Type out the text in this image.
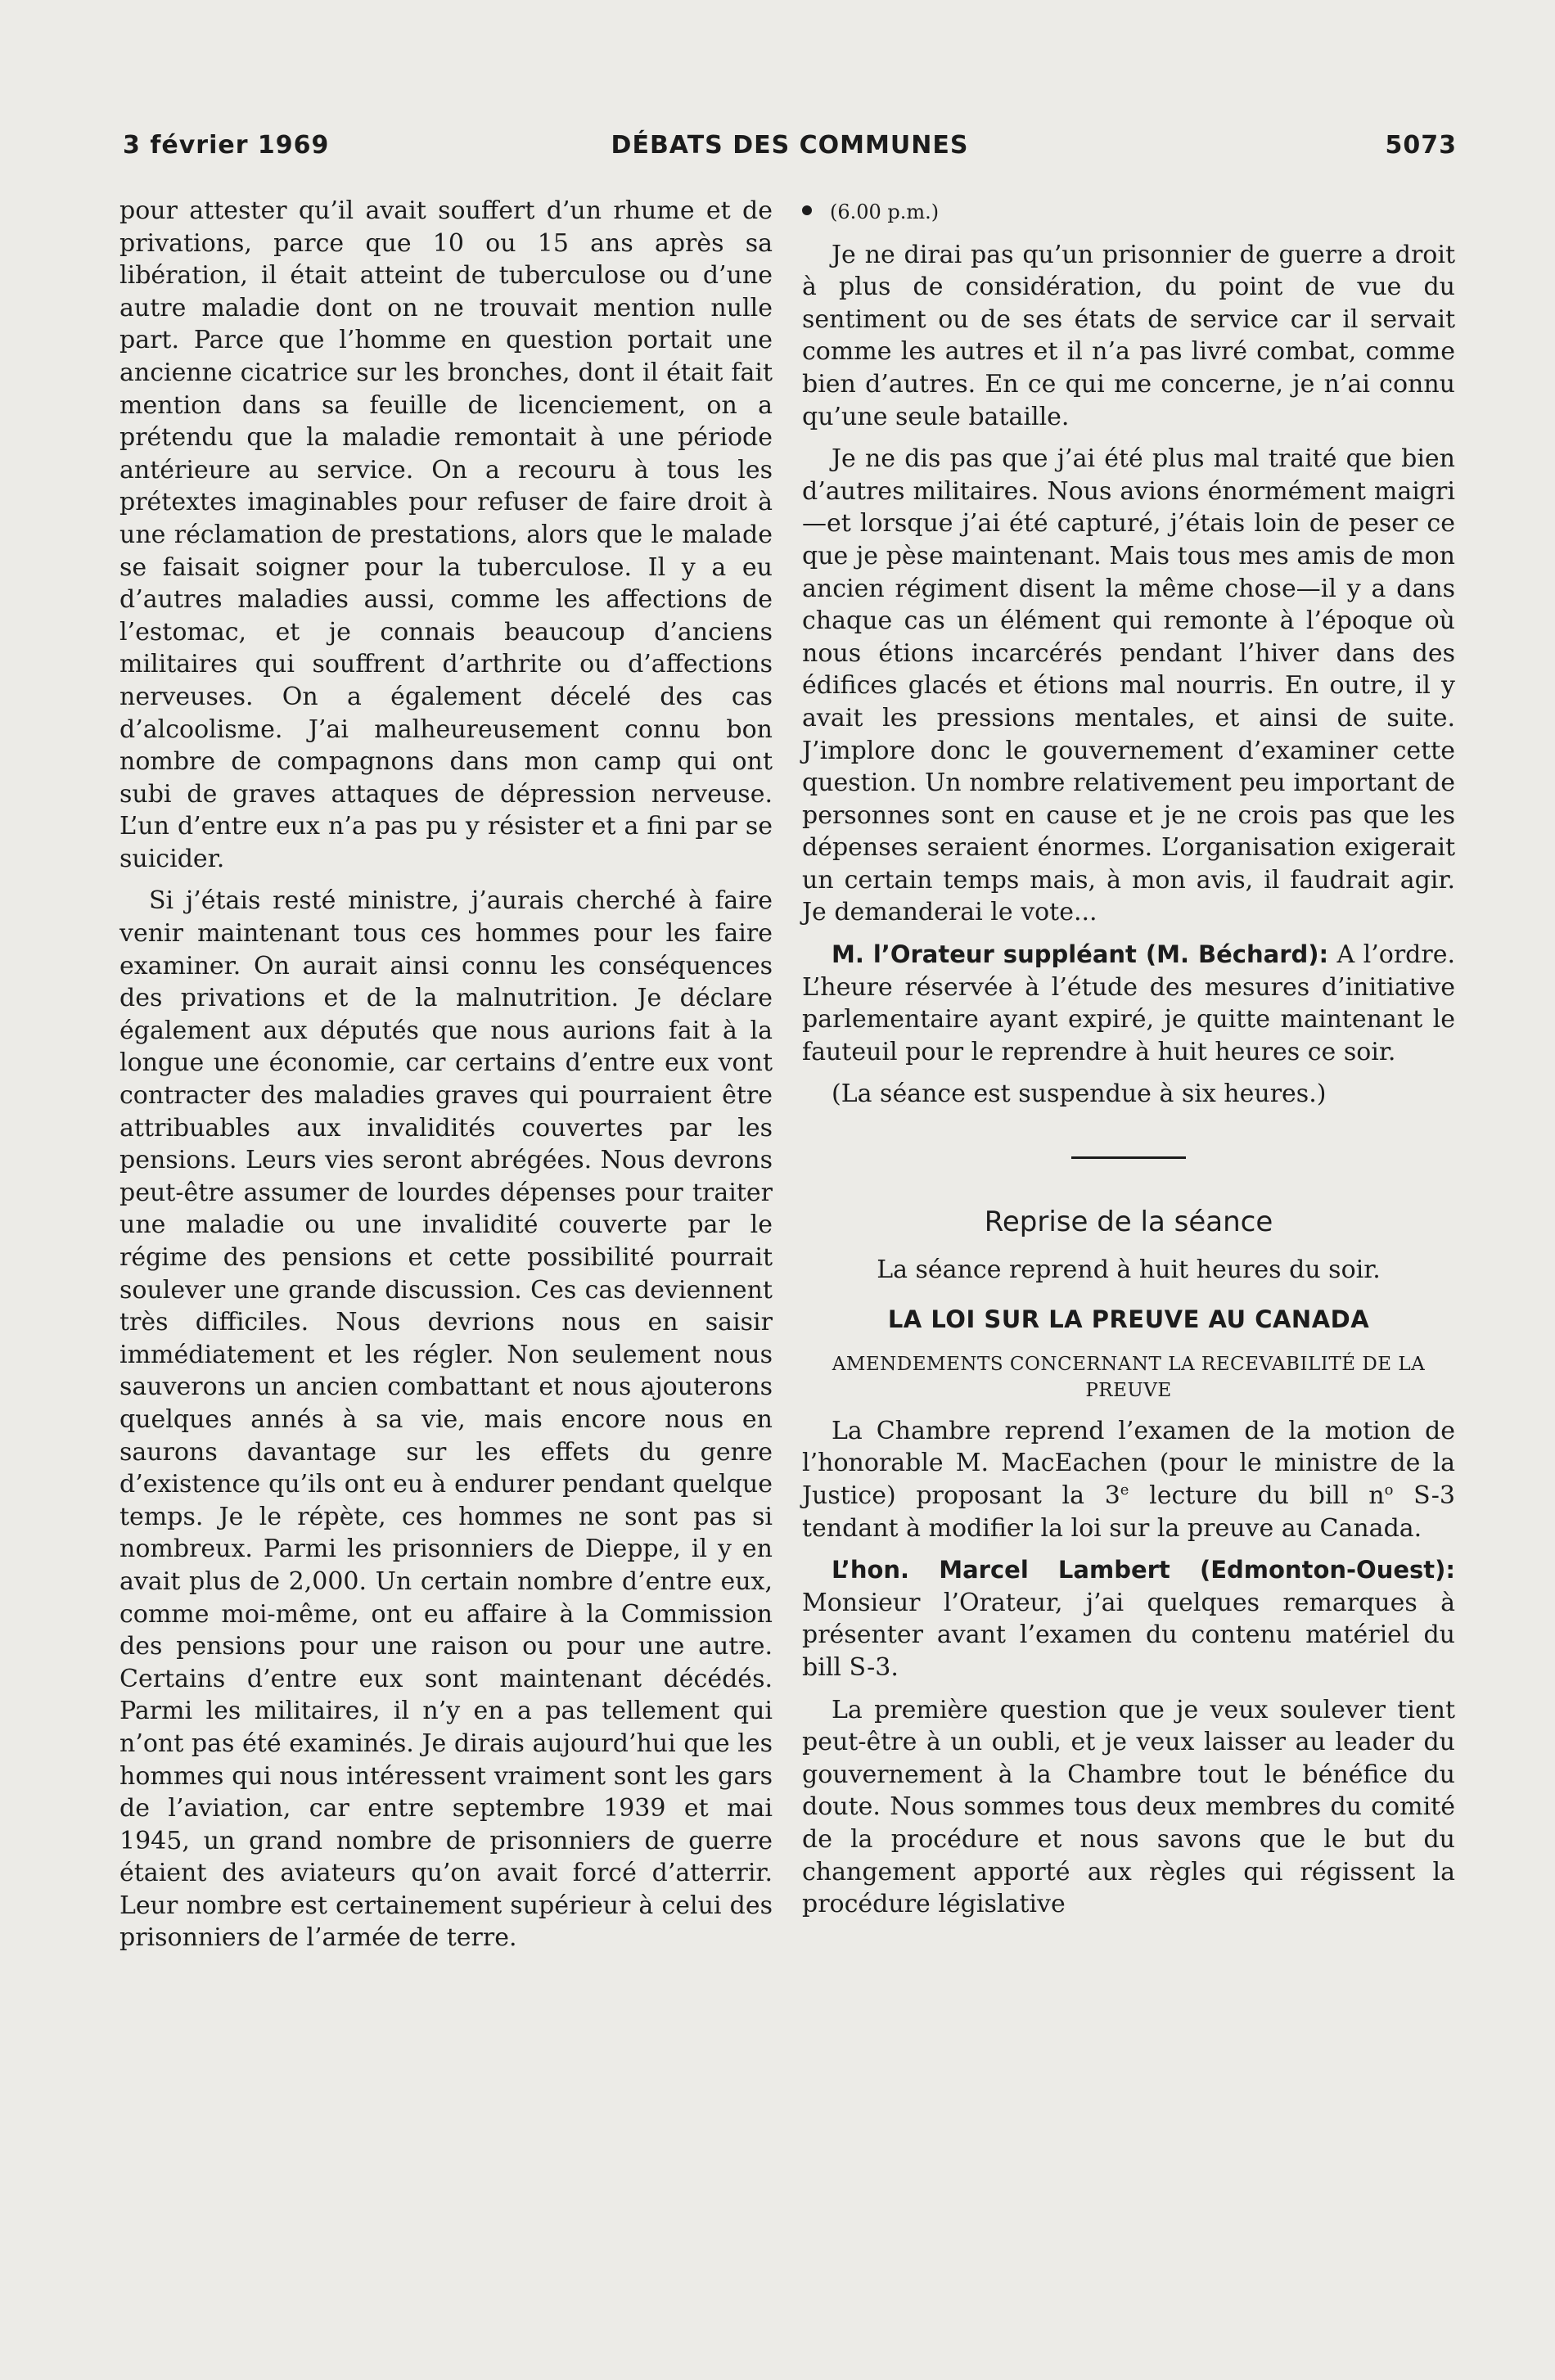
3 février 1969	DÉBATS DES COMMUNES	5073

pour attester qu’il avait souffert d’un rhume et de privations, parce que 10 ou 15 ans après sa libération, il était atteint de tuberculose ou d’une autre maladie dont on ne trouvait mention nulle part. Parce que l’homme en question portait une ancienne cicatrice sur les bronches, dont il était fait mention dans sa feuille de licenciement, on a prétendu que la maladie remontait à une période antérieure au service. On a recouru à tous les prétextes imaginables pour refuser de faire droit à une réclamation de prestations, alors que le malade se faisait soigner pour la tuberculose. Il y a eu d’autres maladies aussi, comme les affections de l’estomac, et je connais beaucoup d’anciens militaires qui souffrent d’arthrite ou d’affections nerveuses. On a également décelé des cas d’alcoolisme. J’ai malheureusement connu bon nombre de compagnons dans mon camp qui ont subi de graves attaques de dépression nerveuse. L’un d’entre eux n’a pas pu y résister et a fini par se suicider.

Si j’étais resté ministre, j’aurais cherché à faire venir maintenant tous ces hommes pour les faire examiner. On aurait ainsi connu les conséquences des privations et de la malnutrition. Je déclare également aux députés que nous aurions fait à la longue une économie, car certains d’entre eux vont contracter des maladies graves qui pourraient être attribuables aux invalidités couvertes par les pensions. Leurs vies seront abrégées. Nous devrons peut-être assumer de lourdes dépenses pour traiter une maladie ou une invalidité couverte par le régime des pensions et cette possibilité pourrait soulever une grande discussion. Ces cas deviennent très difficiles. Nous devrions nous en saisir immédiatement et les régler. Non seulement nous sauverons un ancien combattant et nous ajouterons quelques annés à sa vie, mais encore nous en saurons davantage sur les effets du genre d’existence qu’ils ont eu à endurer pendant quelque temps. Je le répète, ces hommes ne sont pas si nombreux. Parmi les prisonniers de Dieppe, il y en avait plus de 2,000. Un certain nombre d’entre eux, comme moi-même, ont eu affaire à la Commission des pensions pour une raison ou pour une autre. Certains d’entre eux sont maintenant décédés. Parmi les militaires, il n’y en a pas tellement qui n’ont pas été examinés. Je dirais aujourd’hui que les hommes qui nous intéressent vraiment sont les gars de l’aviation, car entre septembre 1939 et mai 1945, un grand nombre de prisonniers de guerre étaient des aviateurs qu’on avait forcé d’atterrir. Leur nombre est certainement supérieur à celui des prisonniers de l’armée de terre.

(6.00 p.m.)

Je ne dirai pas qu’un prisonnier de guerre a droit à plus de considération, du point de vue du sentiment ou de ses états de service car il servait comme les autres et il n’a pas livré combat, comme bien d’autres. En ce qui me concerne, je n’ai connu qu’une seule bataille.

Je ne dis pas que j’ai été plus mal traité que bien d’autres militaires. Nous avions énormément maigri—et lorsque j’ai été capturé, j’étais loin de peser ce que je pèse maintenant. Mais tous mes amis de mon ancien régiment disent la même chose—il y a dans chaque cas un élément qui remonte à l’époque où nous étions incarcérés pendant l’hiver dans des édifices glacés et étions mal nourris. En outre, il y avait les pressions mentales, et ainsi de suite. J’implore donc le gouvernement d’examiner cette question. Un nombre relativement peu important de personnes sont en cause et je ne crois pas que les dépenses seraient énormes. L’organisation exigerait un certain temps mais, à mon avis, il faudrait agir. Je demanderai le vote...

M. l’Orateur suppléant (M. Béchard): A l’ordre. L’heure réservée à l’étude des mesures d’initiative parlementaire ayant expiré, je quitte maintenant le fauteuil pour le reprendre à huit heures ce soir.

(La séance est suspendue à six heures.)

Reprise de la séance

La séance reprend à huit heures du soir.

LA LOI SUR LA PREUVE AU CANADA
AMENDEMENTS CONCERNANT LA RECEVABILITÉ DE LA PREUVE

La Chambre reprend l’examen de la motion de l’honorable M. MacEachen (pour le ministre de la Justice) proposant la 3e lecture du bill $n^o$ S-3 tendant à modifier la loi sur la preuve au Canada.

L’hon. Marcel Lambert (Edmonton-Ouest): Monsieur l’Orateur, j’ai quelques remarques à présenter avant l’examen du contenu matériel du bill S-3.

La première question que je veux soulever tient peut-être à un oubli, et je veux laisser au leader du gouvernement à la Chambre tout le bénéfice du doute. Nous sommes tous deux membres du comité de la procédure et nous savons que le but du changement apporté aux règles qui régissent la procédure législative
